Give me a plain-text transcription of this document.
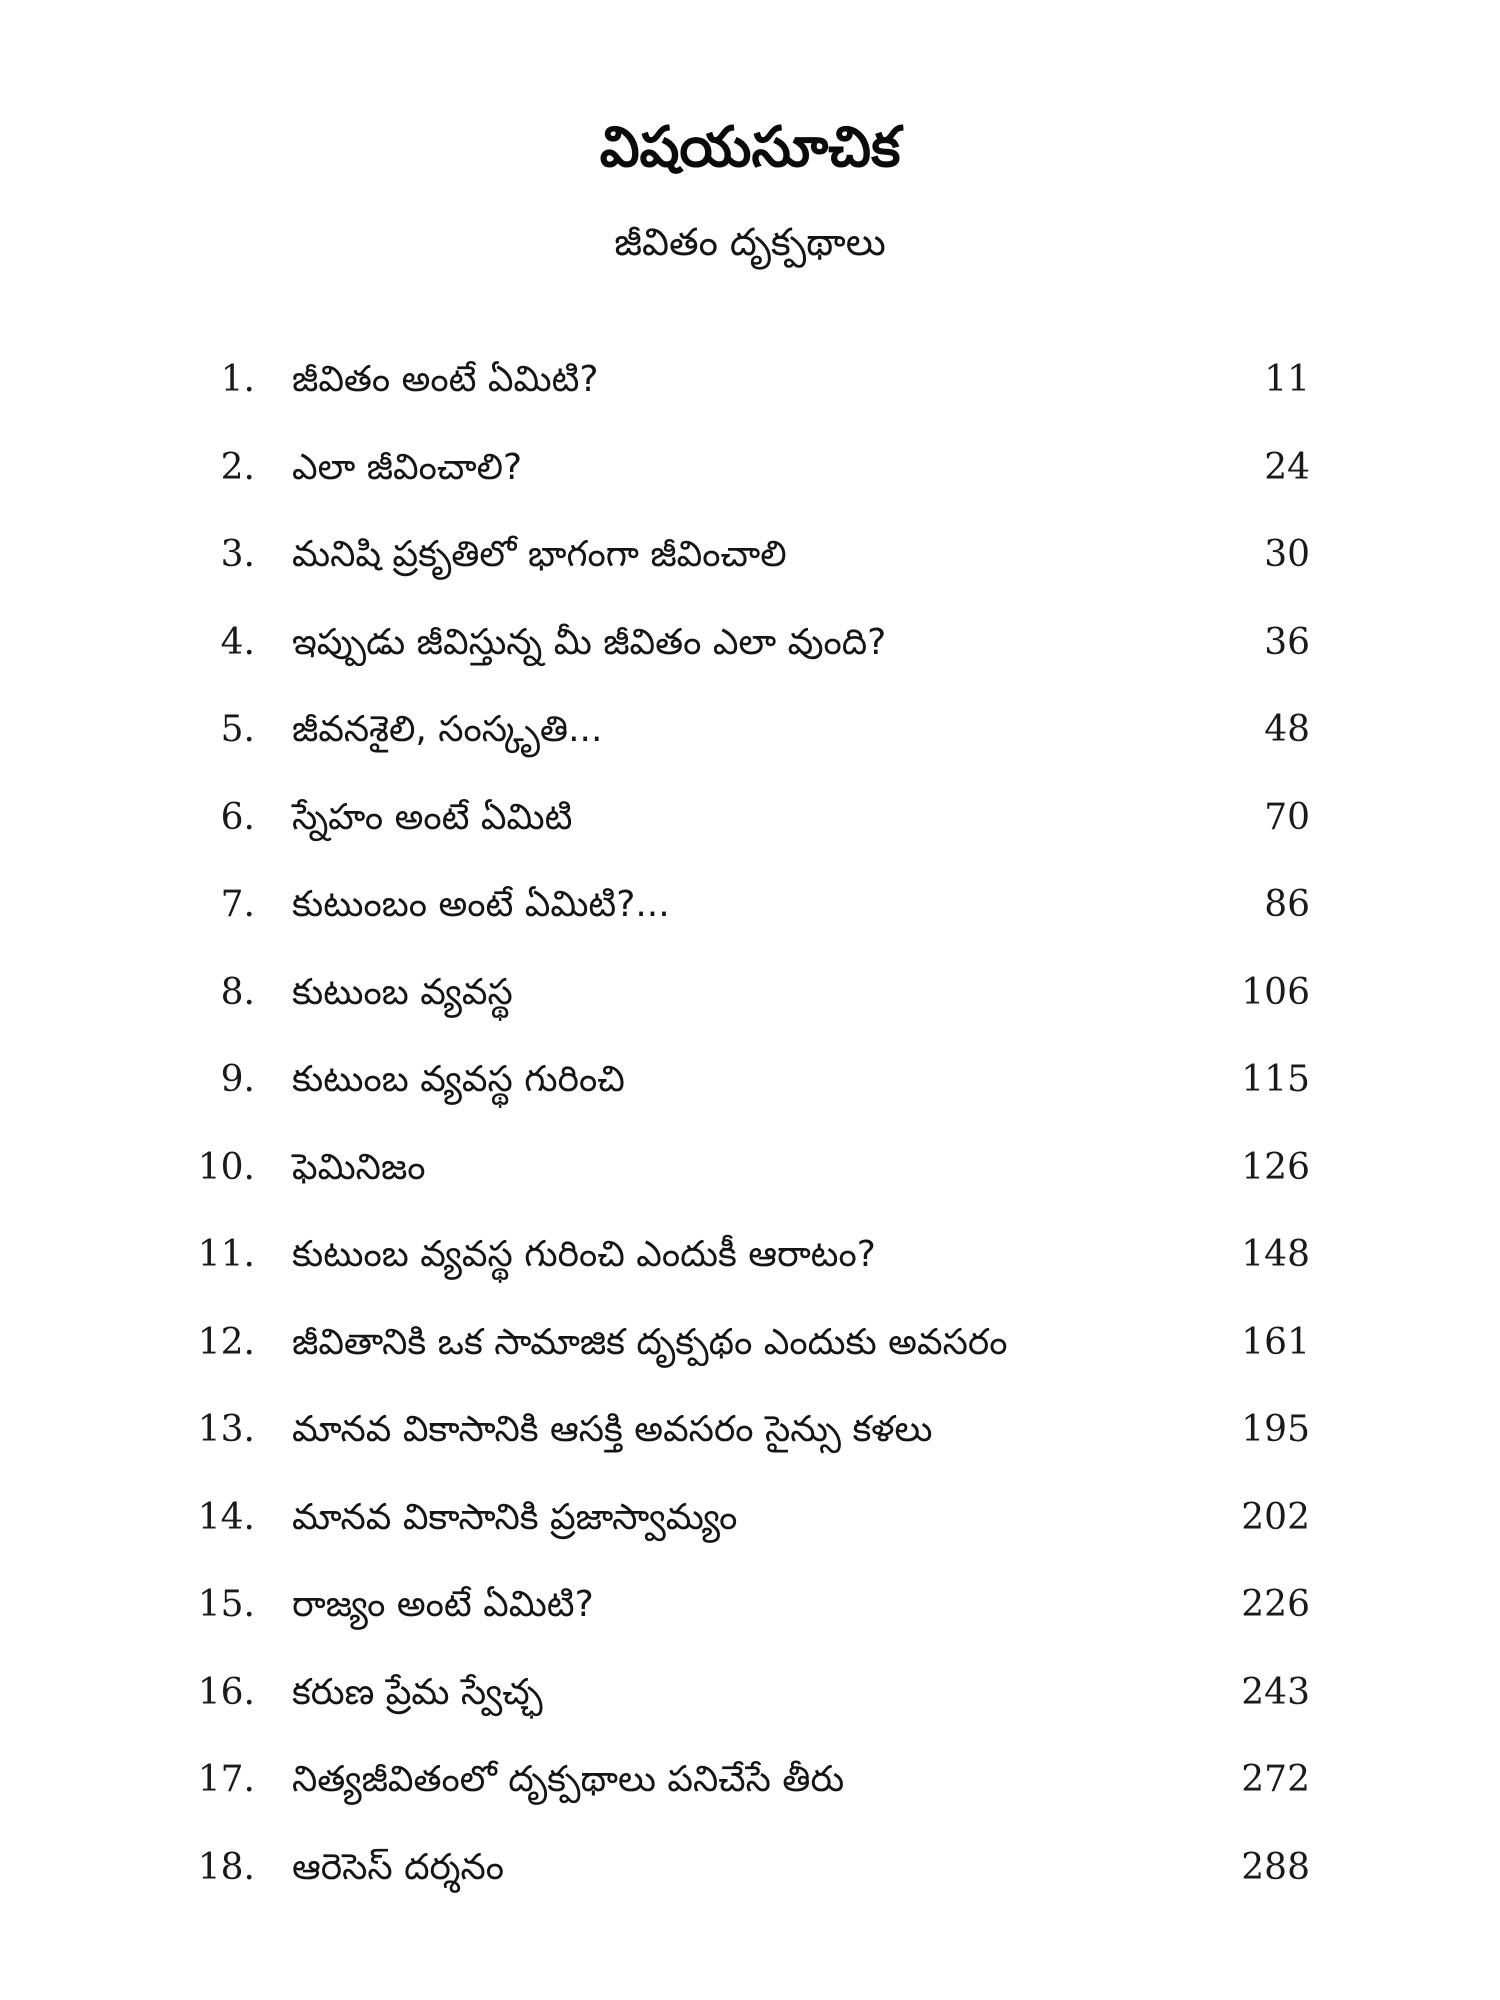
విషయసూచిక
జీవితం దృక్పథాలు
1. జీవితం అంటే ఏమిటి?	11
2. ఎలా జీవించాలి?	24
3. మనిషి ప్రకృతిలో భాగంగా జీవించాలి	30
4. ఇప్పుడు జీవిస్తున్న మీ జీవితం ఎలా వుంది?	36
5. జీవనశైలి, సంస్కృతి...	48
6. స్నేహం అంటే ఏమిటి	70
7. కుటుంబం అంటే ఏమిటి?...	86
8. కుటుంబ వ్యవస్థ	106
9. కుటుంబ వ్యవస్థ గురించి	115
10. ఫెమినిజం	126
11. కుటుంబ వ్యవస్థ గురించి ఎందుకీ ఆరాటం?	148
12. జీవితానికి ఒక సామాజిక దృక్పథం ఎందుకు అవసరం	161
13. మానవ వికాసానికి ఆసక్తి అవసరం సైన్సు కళలు	195
14. మానవ వికాసానికి ప్రజాస్వామ్యం	202
15. రాజ్యం అంటే ఏమిటి?	226
16. కరుణ ప్రేమ స్వేచ్ఛ	243
17. నిత్యజీవితంలో దృక్పథాలు పనిచేసే తీరు	272
18. ఆరెసెస్ దర్శనం	288
